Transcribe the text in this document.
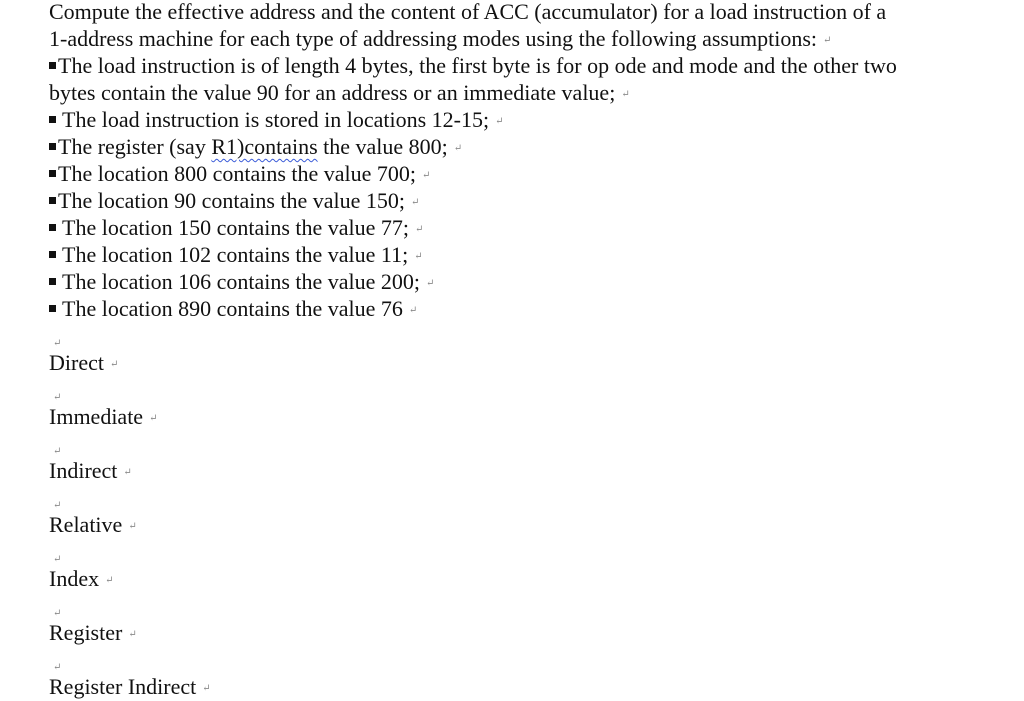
Compute the effective address and the content of ACC (accumulator) for a load instruction of a
1-address machine for each type of addressing modes using the following assumptions: ↵
The load instruction is of length 4 bytes, the first byte is for op ode and mode and the other two
bytes contain the value 90 for an address or an immediate value; ↵
The load instruction is stored in locations 12-15; ↵
The register (say R1)contains the value 800; ↵
The location 800 contains the value 700; ↵
The location 90 contains the value 150; ↵
The location 150 contains the value 77; ↵
The location 102 contains the value 11; ↵
The location 106 contains the value 200; ↵
The location 890 contains the value 76 ↵
↵
Direct ↵
↵
Immediate ↵
↵
Indirect ↵
↵
Relative ↵
↵
Index ↵
↵
Register ↵
↵
Register Indirect ↵
